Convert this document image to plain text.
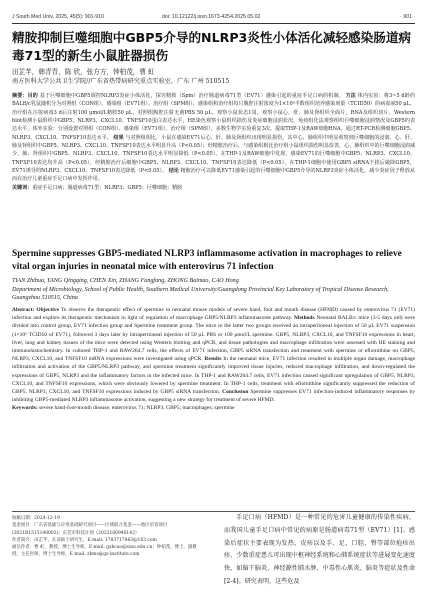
J South Med Univ, 2025, 45(5): 901-910	doi: 10.12122/j.issn.1673-4254.2025.05.02	· 901 ·
精胺抑制巨噬细胞中GBP5介导的NLRP3炎性小体活化减轻感染肠道病毒71型的新生小鼠脏器损伤
田芷芊，韩青青，陈 欣，张方方，钟柏茂，曹 虹
南方医科大学公共卫生学院//广东省热带病研究重点实验室，广东 广州 510515
摘要：目的 基于巨噬细胞中GBP5调控NLRP3炎症小体活化，探究精胺（Spm）治疗肠道病毒71型（EV71）感染引起的重症手足口病的机制。 方法 体内实验：将3~5 d龄的BALB/c乳鼠随机分为对照组（CON组）、感染组（EV71组）、治疗组（SPM组），感染组和治疗组每只腹腔注射浓度为1×10⁶半数组织培养感染剂量（TCID50）的病毒液50 μL，治疗组在注射病毒3 d后注射100 μmol/L精胺50 μL，对照组腹腔注射无菌PBS 50 μL。观察小鼠状态1周，观察小鼠心、肝、肺及肾组织全面片，RNA及组织切片，Western blot检测小鼠组织中GBP5、NLRP3、CXCL10、TNFSF10蛋白表达水平，HE染色观察小鼠组织损伤及炎症细胞浸润状况，免疫组化法观察组织巨噬细胞浸润情况及GBP5的表达水平。体外实验：分别设置对照组（CON组）、感染组（EV71组）、治疗组（SPM组），多数生物学实验重复3次。提取THP-1及RAW细胞RNA，通过RT-PCR检测细胞GBP5、NLRP3、CXCL10、TNFSF10表达水平。 结果 与对照组相比，小鼠在感染EV71后心、肝、肺及肾组织出现明显损伤，其中心、肺组织中明显观察到巨噬细胞的浸润。心、肝、肺及肾组织中GBP5、NLRP3、CXCL10、TNFSF10表达水平明显升高（P<0.05）；经精胺治疗后，与感染组相比治疗组小鼠组织损伤明显改善，心、肺组织中的巨噬细胞浸润减少，肺、肾组织中GBP5、NLRP3、CXCL10、TNFSF10表达水平明显降低（P<0.05）。在THP-1及RAW细胞中发现，感染EV71的巨噬细胞中GBP5、NLRP3、CXCL10、TNFSF10表达均升高（P<0.05），经精胺治疗后细胞中GBP5、NLRP3、CXCL10、TNFSF10表达降低（P<0.05）。在THP-1细胞中使用GBP5 siRNA干扰后敲降GBP5，EV71诱导的NLRP3、CXCL10、TNFSF10表达降低（P<0.05）。 结论 精胺治疗可以降低EV71感染引起的巨噬细胞中GBP5介导的NLRP3炎症小体活化，减少炎症因子释放从而在治疗儿童重症手足口病中发挥作用。
关键词：重症手足口病；肠道病毒71型；NLRP3；GBP5；巨噬细胞；精胺
Spermine suppresses GBP5-mediated NLRP3 inflammasome activation in macrophages to relieve vital organ injuries in neonatal mice with enterovirus 71 infection
TIAN Zhihua, YANG Qingqing, CHEN Xin, ZHANG Fangfang, ZHONG Baimao, CAO Hong
Department of Microbiology, School of Public Health, Southern Medical University/Guangdong Provincial Key Laboratory of Tropical Disease Research, Guangzhou 510515, China
Abstract: Objective To observe the therapeutic effect of spermine in neonatal mouse models of severe hand, foot and mouth disease (HFMD) caused by enterovirus 71 (EV71) infection and explore its therapeutic mechanism in light of regulation of macrophage GBP5/NLRP3 inflammasome pathway. Methods Neonatal BALB/c mice (3-5 days old) were divided into control group, EV71 infection group and Spermine treatment group. The mice in the latter two groups received an intraperitoneal injection of 50 μL EV71 suspension (1×10⁶ TCID50 of EV71), followed 3 days later by intraperitoneal injection of 50 μL PBS or 100 μmol/L spermine. GBP5, NLRP3, CXCL10, and TNFSF10 expressions in heart, liver, lung and kidney tissues of the mice were detected using Western blotting and qPCR, and tissue pathologies and macrophage infiltration were assessed with HE staining and immunohistochemistry. In cultured THP-1 and RAW264.7 cells, the effects of EV71 infection, GBP5 siRNA transfection and treatment with spermine or eflornithine on GBP5, NLRP3, CXCL10, and TNFSF10 mRNA expressions were investigated using qPCR. Results In the neonatal mice, EV71 infection resulted in multiple organ damage, macrophage infiltration and activation of the GBP5/NLRP3 pathway, and spermine treatment significantly improved tissue injuries, reduced macrophage infiltration, and down-regulated the expressions of GBP5, NLRP3 and the inflammatory factors in the infected mice. In THP-1 and RAW264.7 cells, EV71 infection caused significant upregulation of GBP5, NLRP3, CXCL10, and TNFSF10 expressions, which were obviously lowered by spermine treatment. In THP-1 cells, treatment with eflornithine significantly suppressed the reduction of GBP5, NLRP3, CXCL10, and TNFSF10 expressions induced by GBP5 siRNA transfection. Conclusion Spermine suppresses EV71 infection-induced inflammatory responses by inhibiting GBP5-mediated NLRP3 inflammasome activation, suggesting a new strategy for treatment of severe HFMD.
Keywords: severe hand-foot-mouth disease; enterovirus 71; NLRP3; GBP5; macrophages; spermine
收稿日期：2024-12-19
基金项目：广东省基础与应用基础研究项目——区域联合基金——地区培育项目(2021B1515140002)；东莞市科技计划（2023180940142）
作者简介：田芷芊，在读硕士研究生，E-mail: 1783717883@163.com
通信作者：曹 虹，教授，博士生导师，E-mail: gzhcao@smu.edu.cn；钟柏茂，博士，副教授，主任医师，博士生导师，E-mail: zbms@gz-institute.com
手足口病（HFMD）是一种常见的危害儿童健康的传染性疾病，而我国儿童手足口病中常见的病原是肠道病毒71型（EV71）[1]。感染后症状主要表现为发热、皮疹以及手、足、口腔、臀等部位疱疹出疹，少数重症患儿可出现中枢神经系统和心肺系统症状等进展变化速度快，如脑干脑炎、神经源性肺水肿、中毒性心肌炎、脑炎等症状及性命[2-4]。研究表明，这些危及
